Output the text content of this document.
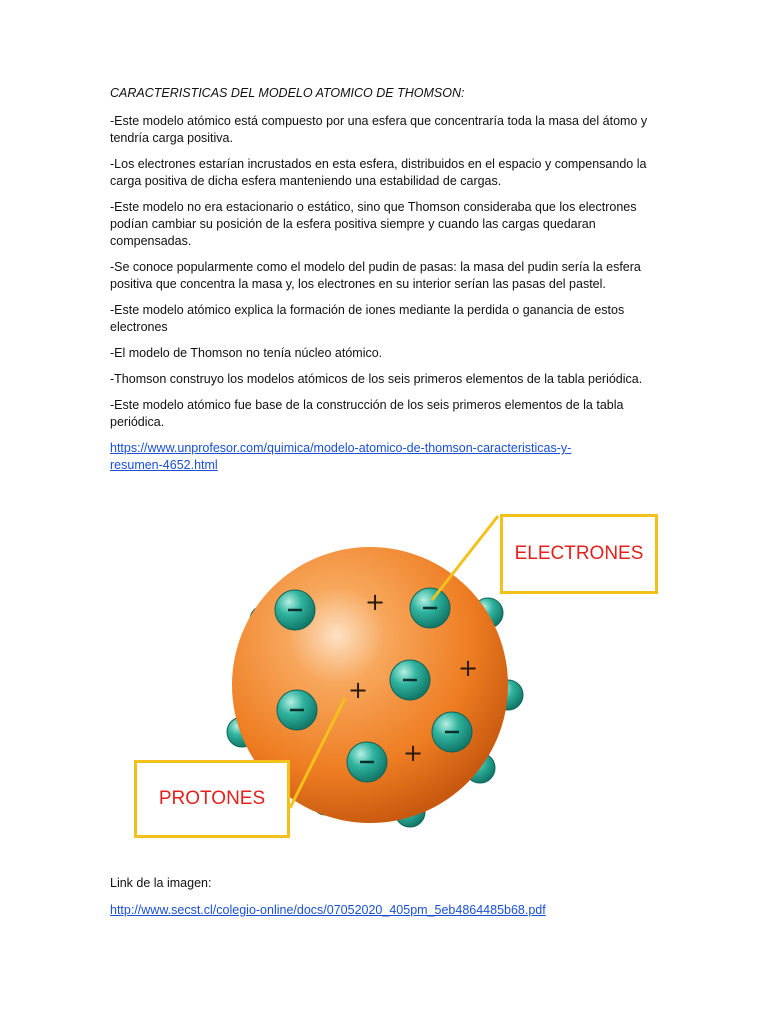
CARACTERISTICAS DEL MODELO ATOMICO DE THOMSON:

-Este modelo atómico está compuesto por una esfera que concentraría toda la masa del átomo y tendría carga positiva.

-Los electrones estarían incrustados en esta esfera, distribuidos en el espacio y compensando la carga positiva de dicha esfera manteniendo una estabilidad de cargas.

-Este modelo no era estacionario o estático, sino que Thomson consideraba que los electrones podían cambiar su posición de la esfera positiva siempre y cuando las cargas quedaran compensadas.

-Se conoce popularmente como el modelo del pudin de pasas: la masa del pudin sería la esfera positiva que concentra la masa y, los electrones en su interior serían las pasas del pastel.

-Este modelo atómico explica la formación de iones mediante la perdida o ganancia de estos electrones

-El modelo de Thomson no tenía núcleo atómico.

-Thomson construyo los modelos atómicos de los seis primeros elementos de la tabla periódica.

-Este modelo atómico fue base de la construcción de los seis primeros elementos de la tabla periódica.

https://www.unprofesor.com/quimica/modelo-atomico-de-thomson-caracteristicas-y-
resumen-4652.html
+
+
+
+
ELECTRONES
PROTONES
Link de la imagen:
http://www.secst.cl/colegio-online/docs/07052020_405pm_5eb4864485b68.pdf
